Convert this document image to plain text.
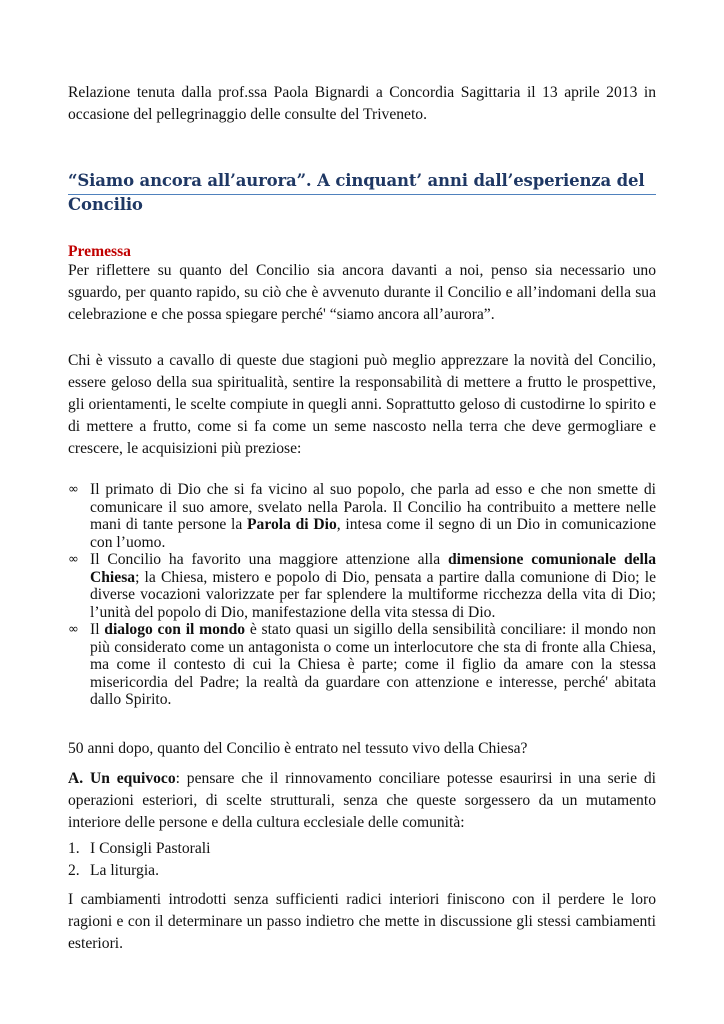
Relazione tenuta dalla prof.ssa Paola Bignardi a Concordia Sagittaria il 13 aprile 2013 in occasione del pellegrinaggio delle consulte del Triveneto.

“Siamo ancora all’aurora”. A cinquant’ anni dall’esperienza del Concilio

Premessa

Per riflettere su quanto del Concilio sia ancora davanti a noi, penso sia necessario uno sguardo, per quanto rapido, su ciò che è avvenuto durante il Concilio e all’indomani della sua celebrazione e che possa spiegare perché' “siamo ancora all’aurora”.

Chi è vissuto a cavallo di queste due stagioni può meglio apprezzare la novità del Concilio, essere geloso della sua spiritualità, sentire la responsabilità di mettere a frutto le prospettive, gli orientamenti, le scelte compiute in quegli anni. Soprattutto geloso di custodirne lo spirito e di mettere a frutto, come si fa come un seme nascosto nella terra che deve germogliare e crescere, le acquisizioni più preziose:

∞ Il primato di Dio che si fa vicino al suo popolo, che parla ad esso e che non smette di comunicare il suo amore, svelato nella Parola. Il Concilio ha contribuito a mettere nelle mani di tante persone la Parola di Dio, intesa come il segno di un Dio in comunicazione con l’uomo.
∞ Il Concilio ha favorito una maggiore attenzione alla dimensione comunionale della Chiesa; la Chiesa, mistero e popolo di Dio, pensata a partire dalla comunione di Dio; le diverse vocazioni valorizzate per far splendere la multiforme ricchezza della vita di Dio; l’unità del popolo di Dio, manifestazione della vita stessa di Dio.
∞ Il dialogo con il mondo è stato quasi un sigillo della sensibilità conciliare: il mondo non più considerato come un antagonista o come un interlocutore che sta di fronte alla Chiesa, ma come il contesto di cui la Chiesa è parte; come il figlio da amare con la stessa misericordia del Padre; la realtà da guardare con attenzione e interesse, perché' abitata dallo Spirito.

50 anni dopo, quanto del Concilio è entrato nel tessuto vivo della Chiesa?

A. Un equivoco: pensare che il rinnovamento conciliare potesse esaurirsi in una serie di operazioni esteriori, di scelte strutturali, senza che queste sorgessero da un mutamento interiore delle persone e della cultura ecclesiale delle comunità:

1. I Consigli Pastorali
2. La liturgia.

I cambiamenti introdotti senza sufficienti radici interiori finiscono con il perdere le loro ragioni e con il determinare un passo indietro che mette in discussione gli stessi cambiamenti esteriori.
